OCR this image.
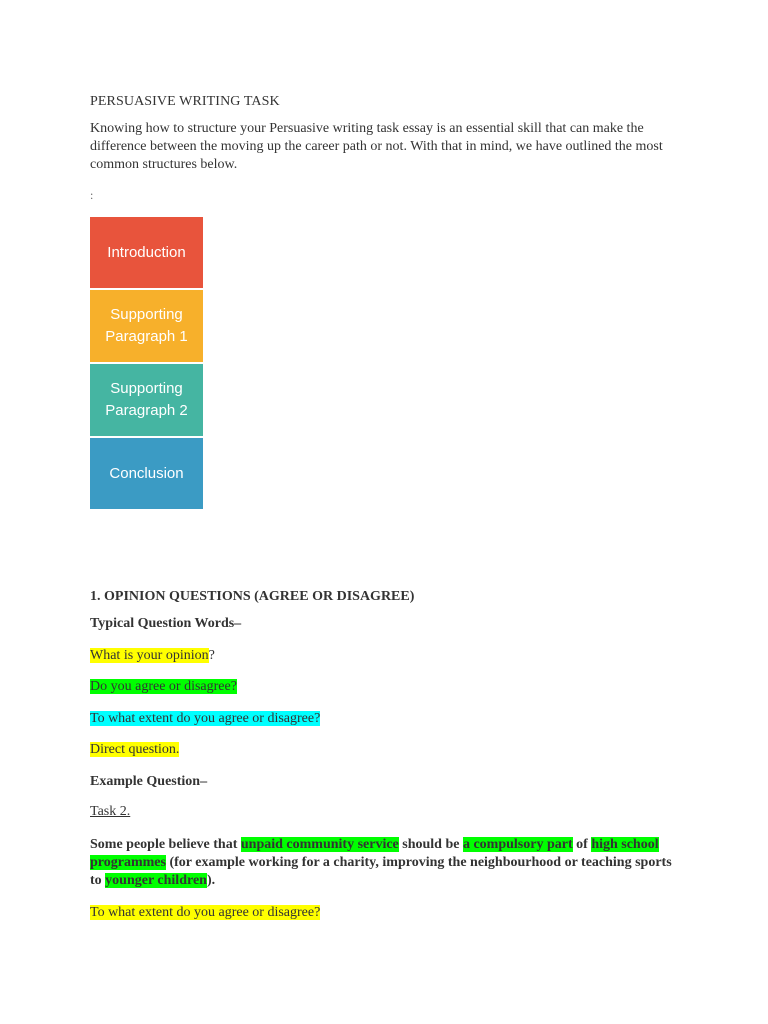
PERSUASIVE WRITING TASK
Knowing how to structure your Persuasive writing task essay is an essential skill that can make the difference between the moving up the career path or not. With that in mind, we have outlined the most common structures below.
:
Introduction
Supporting Paragraph 1
Supporting Paragraph 2
Conclusion
1. OPINION QUESTIONS (AGREE OR DISAGREE)
Typical Question Words–
What is your opinion?
Do you agree or disagree?
To what extent do you agree or disagree?
Direct question.
Example Question–
Task 2.
Some people believe that unpaid community service should be a compulsory part of high school programmes (for example working for a charity, improving the neighbourhood or teaching sports to younger children).
To what extent do you agree or disagree?
